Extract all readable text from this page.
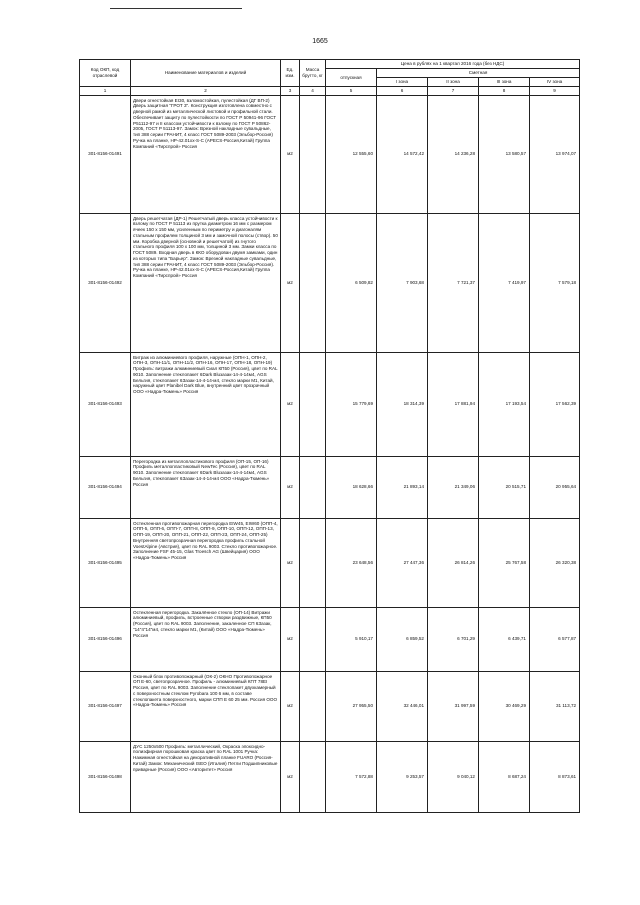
1665
Код ОКП, код отраслевой	Наименование материалов и изделий	Ед. изм.	Масса брутто, кг	Цена в рублях на 1 квартал 2016 года (без НДС)				
				отпускная	Сметная			
					I зона	II зона	III зона	IV зона
1	2	3	4	5	6	7	8	9
301-8156-01491	Двери огнестойкая EI30, взломостойкая, пулестойкая (ДГ ВП-2) Дверь защитная "ГРОТ 3". Конструкция изготовлена совместно с дверной рамой из металлической листовой и профильной стали. Обеспечивает защиту по пулестойкости по ГОСТ Р 50941-96 ГОСТ Р51112-97 и II классом устойчивости к взлому по ГОСТ Р 50862-2005, ГОСТ Р 51113-97. Замок: Врезной накладные сувальдные, тип 388 серии ГРАНИТ, 4 класс ГОСТ 5089-2003 (Эльбор-Россия) Ручка на планке, НР-42.01хх-S-С (APECS-Россия,Китай) Группа Компаний «Тирспрой» Россия	м2		12 555,60	14 572,42	14 236,28	13 580,57	13 974,07
301-8156-01492	Дверь решетчатая (ДР-1) Решетчатый дверь класса устойчивости к взлому по ГОСТ Р 51113 из прутка диаметром 16 мм с размером ячеек 150 х 150 мм, усиленным по периметру и диагоналям стальным профилем толщиной 3 мм и замочной полосы (створ). 50 мм. Коробка дверной (основной и решетчатой) из гнутого стального профиля 100 х 100 мм, толщиной 3 мм. Замки класса по ГОСТ 5089. Входная дверь в ККО оборудован двумя замками, один из которых типа "Барьер". Замок: Врезной накладные сувальдные, тип 388 серии ГРАНИТ, 4 класс ГОСТ 5089-2003 (Эльбор-Россия). Ручка на планке, НР-42.01хх-S-С (APECS-Россия,Китай) Группа Компаний «Тирспрой» Россия	м2		6 509,82	7 903,68	7 721,37	7 419,97	7 579,18
301-8156-01493	Витраж из алюминиевого профиля, наружные (ОПН-1, ОПН-2, ОПН-3, ОПН-11/1, ОПН-11/2, ОПН-16, ОПН-17, ОПН-18, ОПН-19) Профиль: витражи алюминиевый Сиал КП50 (Россия), цвет по RAL 9010. Заполнение стеклопакет 6Dark Bluзазак-14-4-14м4, AGS Бельгия, стеклопакет 6Зазак-14-4-14-м4, стекло марки М1, Китай, наружный цвет Planibel Dark Blue, внутренний цвет прозрачный ООО «Надра-Тюмень» Россия	м2		15 779,69	18 314,39	17 881,94	17 193,54	17 562,39
301-8156-01494	Перегородка из металлопластикового профиля (ОП-15, ОП-16) Профиль металлопластиковый NewTec (Россия), цвет по RAL 9010. Заполнение стеклопакет 6Dark Bluзазак-14-4-14м4, AGS Бельгия, стеклопакет 6Зазак-14-4-14-м4 ООО «Надра-Тюмень» Россия	м2		18 628,66	21 893,14	21 349,06	20 515,71	20 955,64
301-8156-01495	Остекленная противопожарная перегородка EIW45, EIW60 (ОПП-4, ОПП-5, ОПП-6, ОПП-7, ОПП-8, ОПП-9, ОПП-10, ОПП-12, ОПП-13, ОПП-19, ОПП-20, ОПП-21, ОПП-22, ОПП-23, ОПП-24, ОПП-25) Внутренняя светопрозрачная перегородка профиль стальной VoestAlpine (Австрия), цвет по RAL 9003. Стекло противопожарное. Заполнение FSF 45-15, Glas Troesch AG (Швейцария) ООО «Надра-Тюмень» Россия	м2		23 648,56	27 447,36	26 814,26	25 767,58	26 320,38
301-8156-01496	Остекленная перегородка. Закалённое стекло (ОП-14) Витражи алюминиевый, профиль, встроенные створки раздвижные, КП50 (Россия), цвет по RAL 9003. Заполнение, закаленное СП 6Зазак, "14"4"14"м4, стекло марки М1, (Китай) ООО «Надра-Тюмень» Россия	м2		5 910,17	6 859,52	6 701,29	6 439,71	6 577,87
301-8156-01497	Оконный блок противопожарный (ОК-2) ОКНО Противопожарное ОП Е-60, светопрозрачное. Профиль - алюминиевый КПТ 78ЕI Россия, цвет по RAL 9003. Заполнение стеклопакет двухкамерный с поверхностным стеклом Pyrobara 100 6 мм, в составе стеклопакета поверхностного, марки СПП Е 60 25 мм. Россия ООО «Надра-Тюмень» Россия	м2		27 955,50	32 446,01	31 997,59	30 469,29	31 113,72
301-8156-01498	ДУС 1250х500 Профиль: металлический, Окраска эпоксидно-полиэфирная порошковая краска цвет по RAL 1001 Ручка: Нажимная огнестойкая на декоративной планке FUARO (Россия-Китай) Замок: Механический ISEO (Италия) Петли Подшипниковые приварные (Россия) ООО «Авторитет» Россия	м2		7 572,88	9 253,57	9 040,12	8 687,24	8 873,61
